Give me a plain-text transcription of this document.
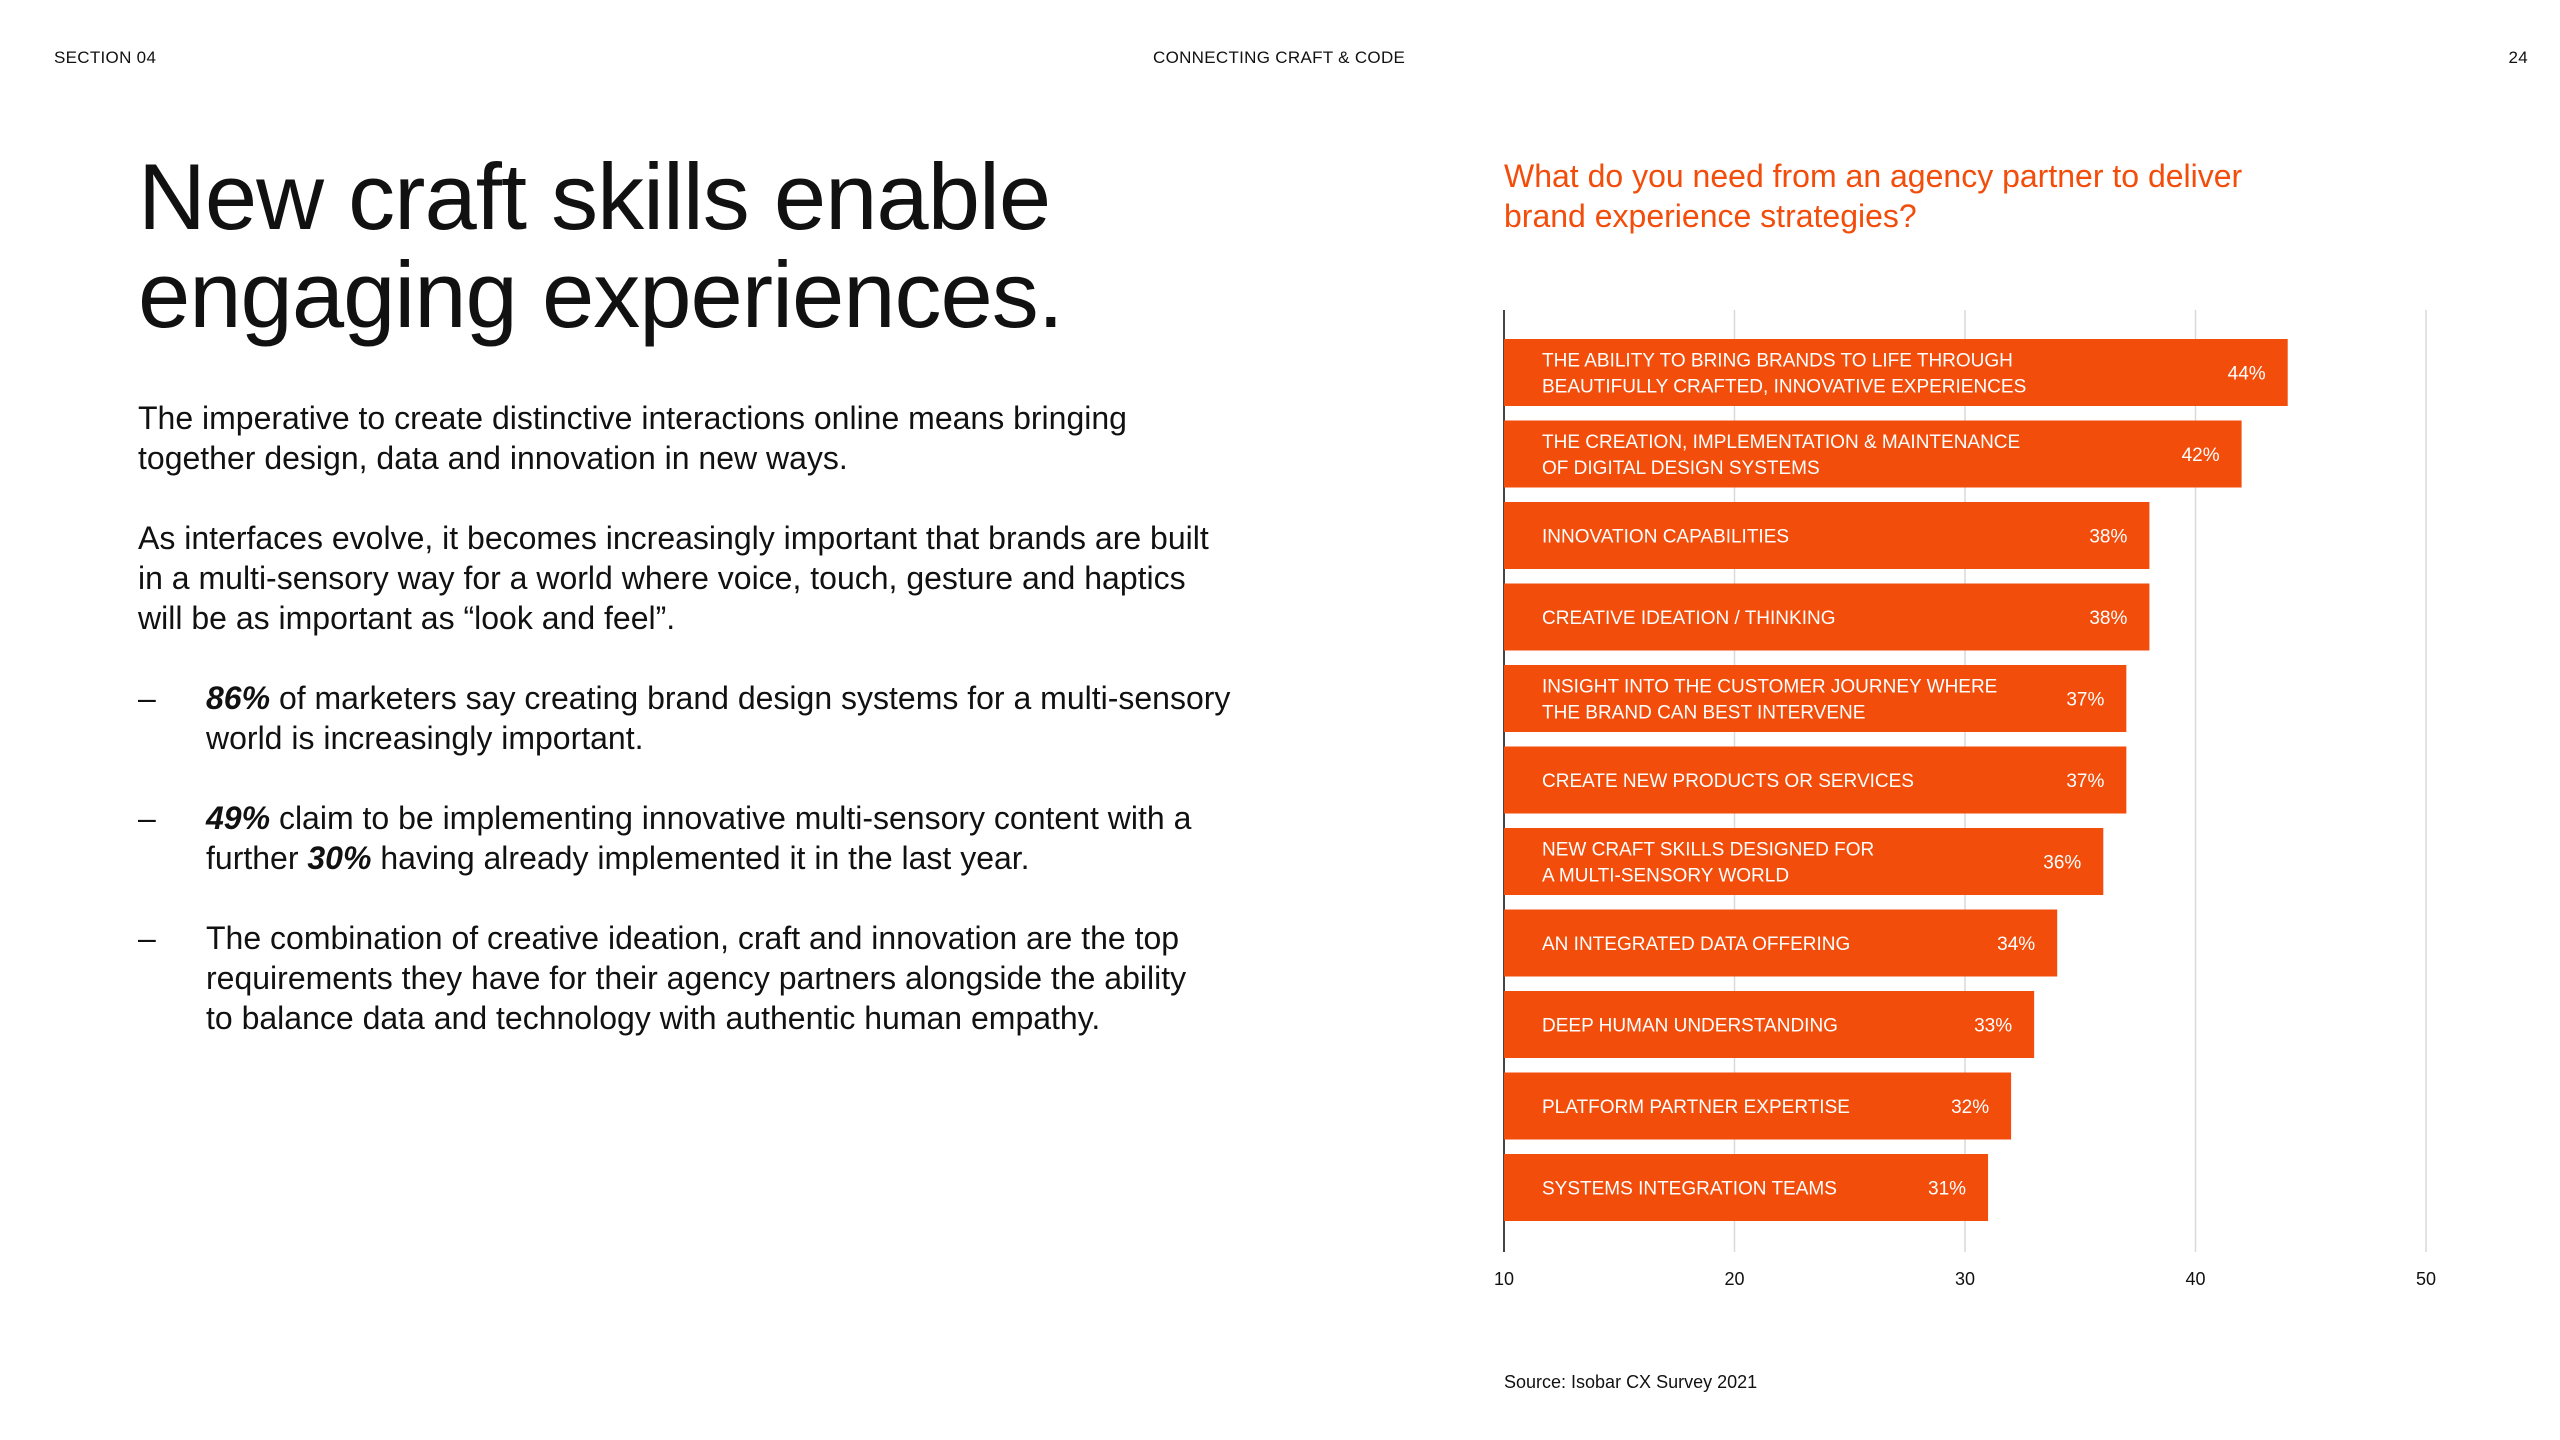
SECTION 04	CONNECTING CRAFT & CODE	24
New craft skills enable
engaging experiences.
The imperative to create distinctive interactions online means bringing
together design, data and innovation in new ways.
As interfaces evolve, it becomes increasingly important that brands are built
in a multi-sensory way for a world where voice, touch, gesture and haptics
will be as important as “look and feel”.
–	86% of marketers say creating brand design systems for a multi-sensory
world is increasingly important.
–	49% claim to be implementing innovative multi-sensory content with a
further 30% having already implemented it in the last year.
–	The combination of creative ideation, craft and innovation are the top
requirements they have for their agency partners alongside the ability
to balance data and technology with authentic human empathy.
What do you need from an agency partner to deliver
brand experience strategies?
10	20	30	40	50
THE ABILITY TO BRING BRANDS TO LIFE THROUGH
BEAUTIFULLY CRAFTED, INNOVATIVE EXPERIENCES
44%
THE CREATION, IMPLEMENTATION & MAINTENANCE
OF DIGITAL DESIGN SYSTEMS
42%
INNOVATION CAPABILITIES	38%
CREATIVE IDEATION / THINKING	38%
INSIGHT INTO THE CUSTOMER JOURNEY WHERE
THE BRAND CAN BEST INTERVENE
37%
CREATE NEW PRODUCTS OR SERVICES	37%
NEW CRAFT SKILLS DESIGNED FOR
A MULTI-SENSORY WORLD
36%
AN INTEGRATED DATA OFFERING	34%
DEEP HUMAN UNDERSTANDING	33%
PLATFORM PARTNER EXPERTISE	32%
SYSTEMS INTEGRATION TEAMS	31%
Source: Isobar CX Survey 2021
